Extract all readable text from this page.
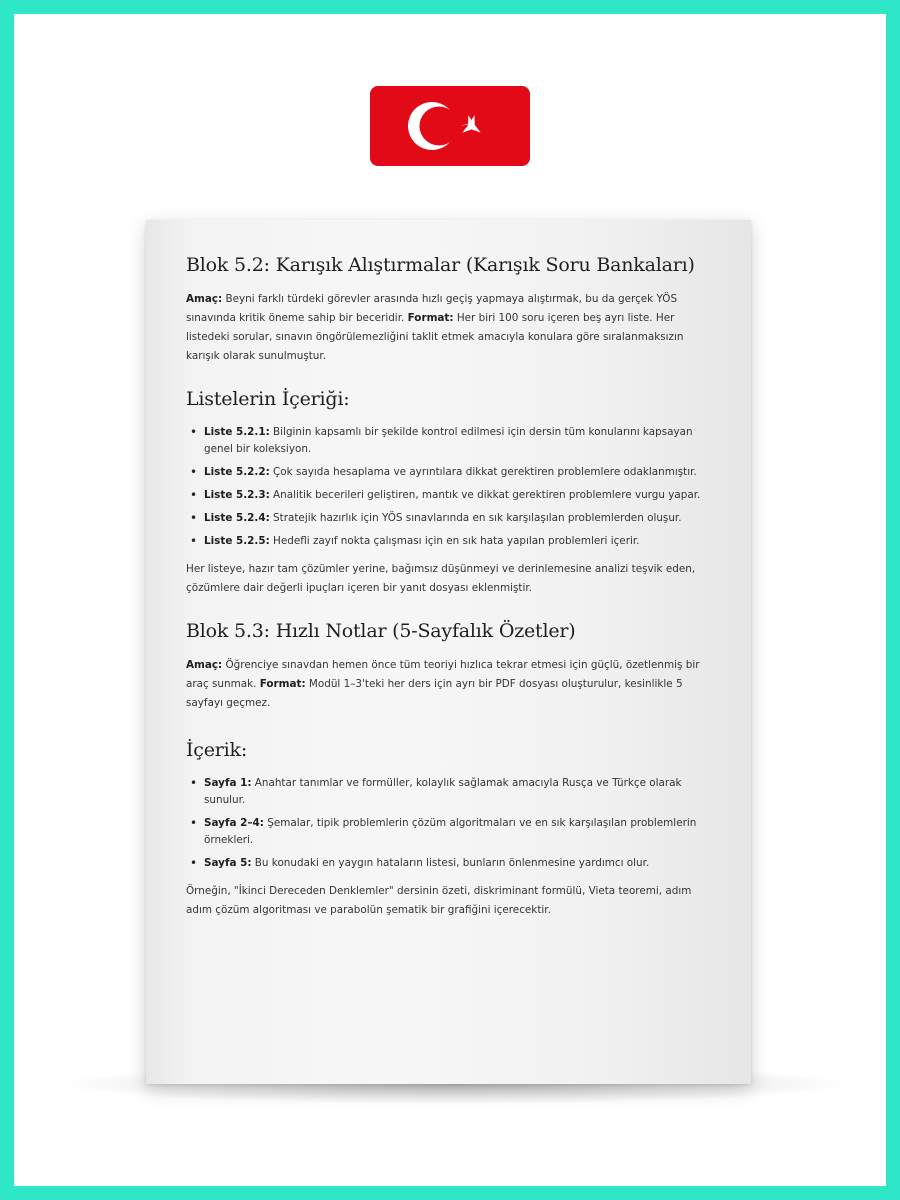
Blok 5.2: Karışık Alıştırmalar (Karışık Soru Bankaları)

Amaç: Beyni farklı türdeki görevler arasında hızlı geçiş yapmaya alıştırmak, bu da gerçek YÖS sınavında kritik öneme sahip bir beceridir. Format: Her biri 100 soru içeren beş ayrı liste. Her listedeki sorular, sınavın öngörülemezliğini taklit etmek amacıyla konulara göre sıralanmaksızın karışık olarak sunulmuştur.

Listelerin İçeriği:
• Liste 5.2.1: Bilginin kapsamlı bir şekilde kontrol edilmesi için dersin tüm konularını kapsayan genel bir koleksiyon.
• Liste 5.2.2: Çok sayıda hesaplama ve ayrıntılara dikkat gerektiren problemlere odaklanmıştır.
• Liste 5.2.3: Analitik becerileri geliştiren, mantık ve dikkat gerektiren problemlere vurgu yapar.
• Liste 5.2.4: Stratejik hazırlık için YÖS sınavlarında en sık karşılaşılan problemlerden oluşur.
• Liste 5.2.5: Hedefli zayıf nokta çalışması için en sık hata yapılan problemleri içerir.

Her listeye, hazır tam çözümler yerine, bağımsız düşünmeyi ve derinlemesine analizi teşvik eden, çözümlere dair değerli ipuçları içeren bir yanıt dosyası eklenmiştir.

Blok 5.3: Hızlı Notlar (5-Sayfalık Özetler)

Amaç: Öğrenciye sınavdan hemen önce tüm teoriyi hızlıca tekrar etmesi için güçlü, özetlenmiş bir araç sunmak. Format: Modül 1–3'teki her ders için ayrı bir PDF dosyası oluşturulur, kesinlikle 5 sayfayı geçmez.

İçerik:
• Sayfa 1: Anahtar tanımlar ve formüller, kolaylık sağlamak amacıyla Rusça ve Türkçe olarak sunulur.
• Sayfa 2–4: Şemalar, tipik problemlerin çözüm algoritmaları ve en sık karşılaşılan problemlerin örnekleri.
• Sayfa 5: Bu konudaki en yaygın hataların listesi, bunların önlenmesine yardımcı olur.

Örneğin, "İkinci Dereceden Denklemler" dersinin özeti, diskriminant formülü, Vieta teoremi, adım adım çözüm algoritması ve parabolün şematik bir grafiğini içerecektir.
